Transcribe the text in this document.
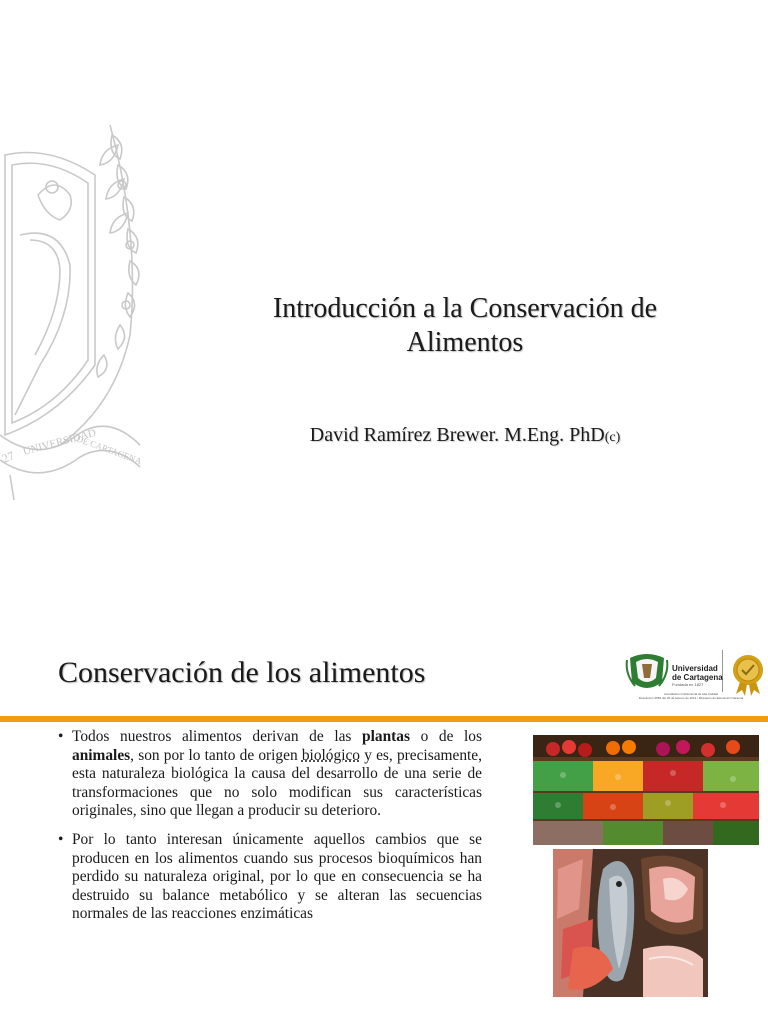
27 UNIVERSIDAD
DE CARTAGENA
Introducción a la Conservación de
Alimentos
David Ramírez Brewer. M.Eng. PhD(c)
Conservación de los alimentos	Universidad
de Cartagena
Fundada en 1827
Acreditación Institucional de Alta Calidad
Resolución 2583 del 26 de febrero de 2014 / Ministerio de Educación Nacional
• Todos nuestros alimentos derivan de las plantas o de los animales, son por lo tanto de origen biológico y es, precisamente, esta naturaleza biológica la causa del desarrollo de una serie de transformaciones que no solo modifican sus características originales, sino que llegan a producir su deterioro.
• Por lo tanto interesan únicamente aquellos cambios que se producen en los alimentos cuando sus procesos bioquímicos han perdido su naturaleza original, por lo que en consecuencia se ha destruido su balance metabólico y se alteran las secuencias normales de las reacciones enzimáticas
